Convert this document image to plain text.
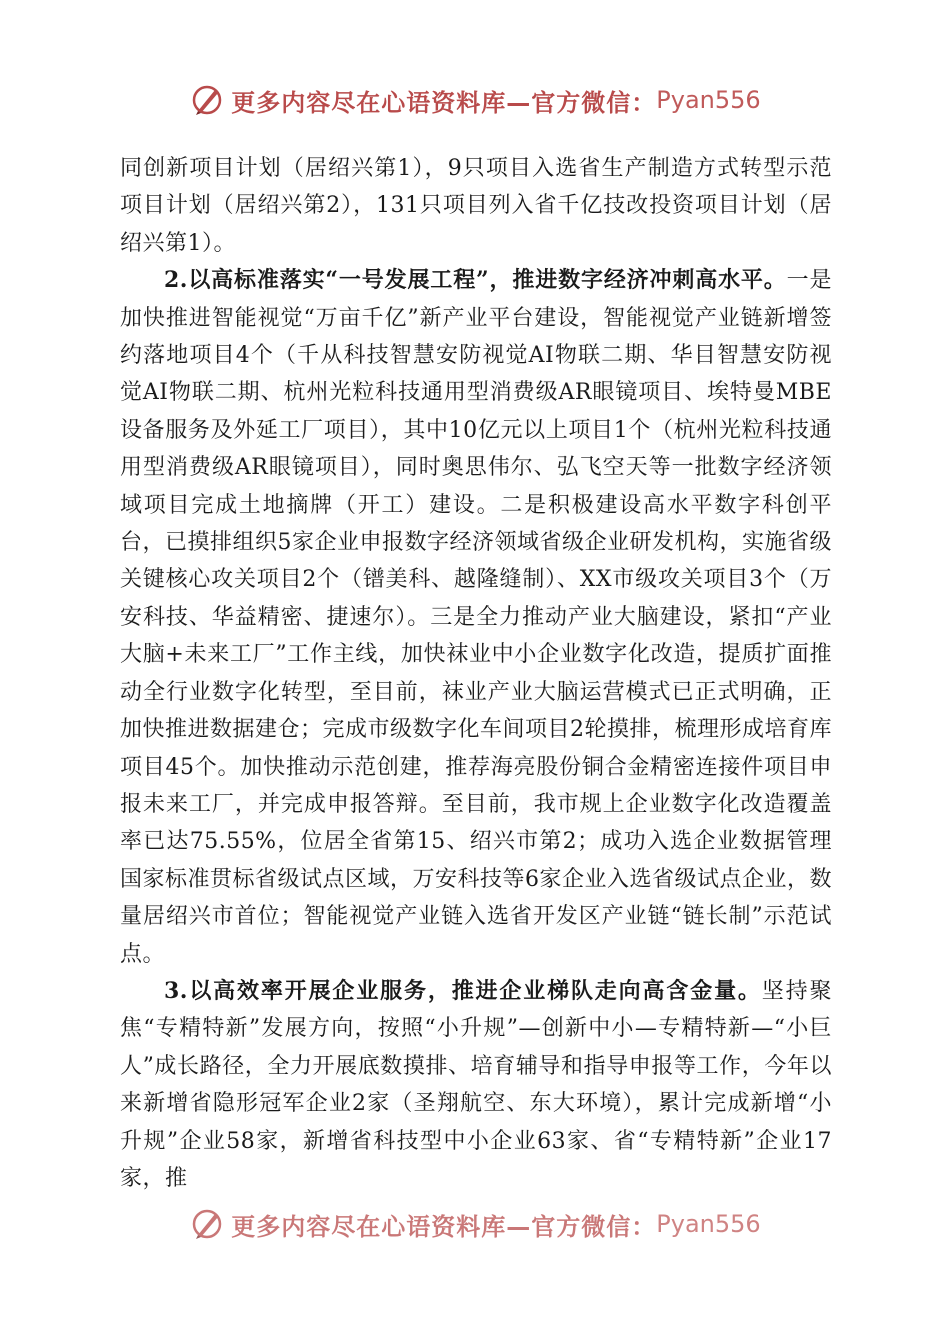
更多内容尽在心语资料库—官方微信： Pyan556

同创新项目计划（居绍兴第1），9只项目入选省生产制造方式转型示范项目计划（居绍兴第2），131只项目列入省千亿技改投资项目计划（居绍兴第1）。

2.以高标准落实“一号发展工程”，推进数字经济冲刺高水平。一是加快推进智能视觉“万亩千亿”新产业平台建设，智能视觉产业链新增签约落地项目4个（千从科技智慧安防视觉AI物联二期、华目智慧安防视觉AI物联二期、杭州光粒科技通用型消费级AR眼镜项目、埃特曼MBE设备服务及外延工厂项目），其中10亿元以上项目1个（杭州光粒科技通用型消费级AR眼镜项目），同时奥思伟尔、弘飞空天等一批数字经济领域项目完成土地摘牌（开工）建设。二是积极建设高水平数字科创平台，已摸排组织5家企业申报数字经济领域省级企业研发机构，实施省级关键核心攻关项目2个（镨美科、越隆缝制）、XX市级攻关项目3个（万安科技、华益精密、捷速尔）。三是全力推动产业大脑建设，紧扣“产业大脑+未来工厂”工作主线，加快袜业中小企业数字化改造，提质扩面推动全行业数字化转型，至目前，袜业产业大脑运营模式已正式明确，正加快推进数据建仓；完成市级数字化车间项目2轮摸排，梳理形成培育库项目45个。加快推动示范创建，推荐海亮股份铜合金精密连接件项目申报未来工厂，并完成申报答辩。至目前，我市规上企业数字化改造覆盖率已达75.55%，位居全省第15、绍兴市第2；成功入选企业数据管理国家标准贯标省级试点区域，万安科技等6家企业入选省级试点企业，数量居绍兴市首位；智能视觉产业链入选省开发区产业链“链长制”示范试点。

3.以高效率开展企业服务，推进企业梯队走向高含金量。坚持聚焦“专精特新”发展方向，按照“小升规”—创新中小—专精特新—“小巨人”成长路径，全力开展底数摸排、培育辅导和指导申报等工作，今年以来新增省隐形冠军企业2家（圣翔航空、东大环境），累计完成新增“小升规”企业58家，新增省科技型中小企业63家、省“专精特新”企业17家，推

更多内容尽在心语资料库—官方微信： Pyan556
